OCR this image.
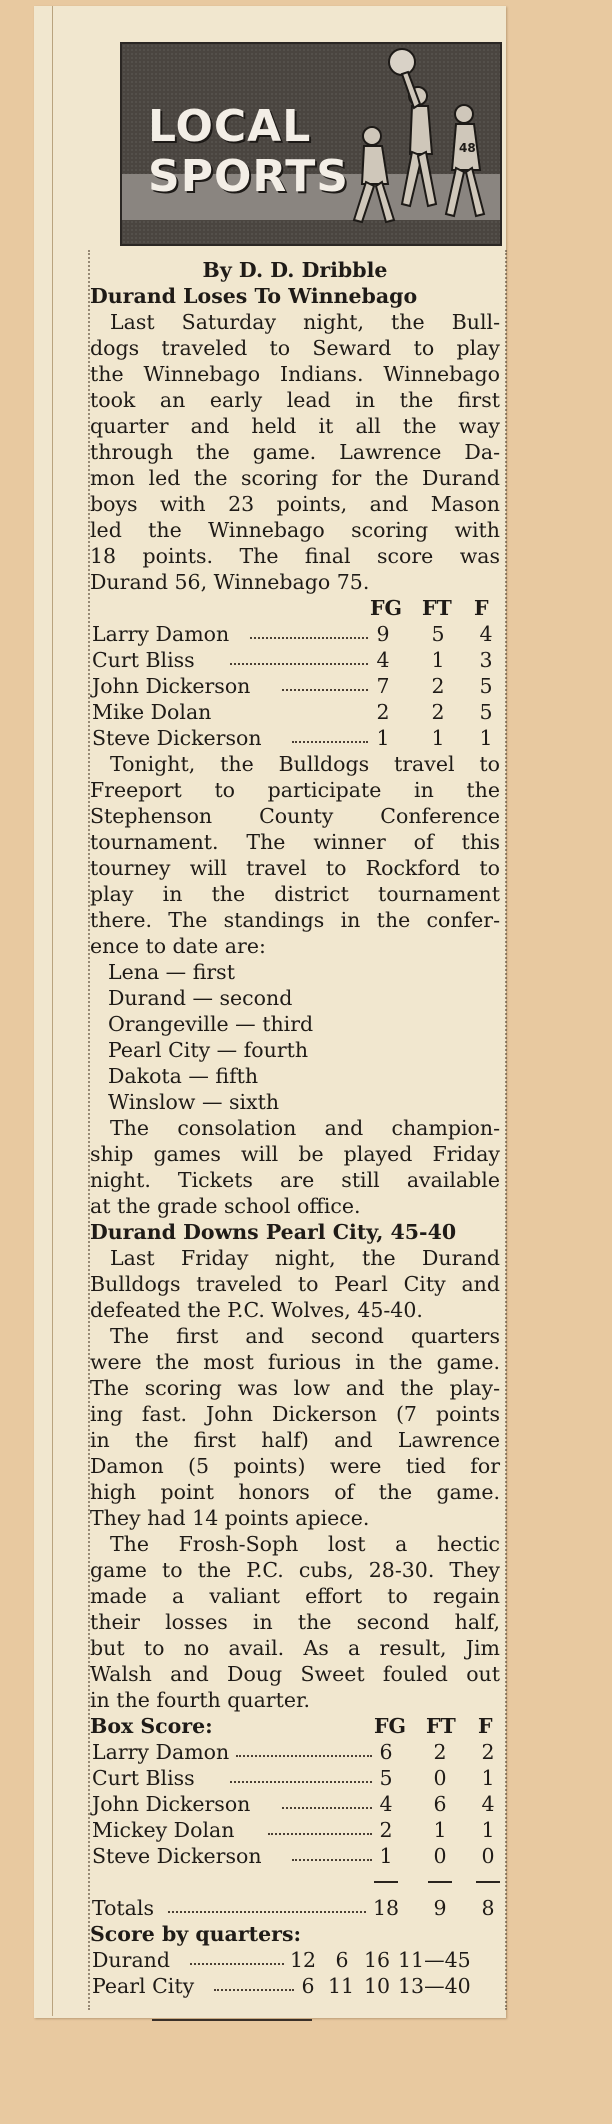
LOCAL
SPORTS
48
By D. D. Dribble
Durand Loses To Winnebago
Last Saturday night, the Bull-
dogs traveled to Seward to play
the Winnebago Indians. Winnebago
took an early lead in the first
quarter and held it all the way
through the game. Lawrence Da-
mon led the scoring for the Durand
boys with 23 points, and Mason
led the Winnebago scoring with
18 points. The final score was
Durand 56, Winnebago 75.
FG FT F
Larry Damon	9 5 4
Curt Bliss	4 1 3
John Dickerson	7 2 5
Mike Dolan	2 2 5
Steve Dickerson	1 1 1
Tonight, the Bulldogs travel to
Freeport to participate in the
Stephenson County Conference
tournament. The winner of this
tourney will travel to Rockford to
play in the district tournament
there. The standings in the confer-
ence to date are:
Lena — first
Durand — second
Orangeville — third
Pearl City — fourth
Dakota — fifth
Winslow — sixth
The consolation and champion-
ship games will be played Friday
night. Tickets are still available
at the grade school office.
Durand Downs Pearl City, 45-40
Last Friday night, the Durand
Bulldogs traveled to Pearl City and
defeated the P.C. Wolves, 45-40.
The first and second quarters
were the most furious in the game.
The scoring was low and the play-
ing fast. John Dickerson (7 points
in the first half) and Lawrence
Damon (5 points) were tied for
high point honors of the game.
They had 14 points apiece.
The Frosh-Soph lost a hectic
game to the P.C. cubs, 28-30. They
made a valiant effort to regain
their losses in the second half,
but to no avail. As a result, Jim
Walsh and Doug Sweet fouled out
in the fourth quarter.
Box Score:	FG FT F
Larry Damon	6 2 2
Curt Bliss	5 0 1
John Dickerson	4 6 4
Mickey Dolan	2 1 1
Steve Dickerson	1 0 0
Totals	18 9 8
Score by quarters:
Durand	12 6 16 11—45
Pearl City	6 11 10 13—40
